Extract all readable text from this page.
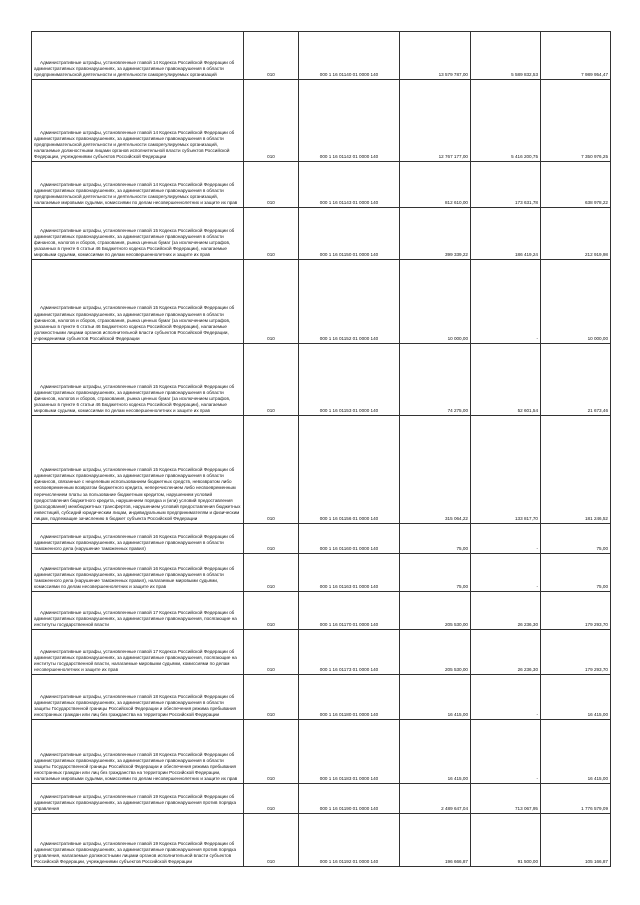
Административные штрафы, установленные главой 14 Кодекса Российской Федерации об административных правонарушениях, за административные правонарушения в области предпринимательской деятельности и деятельности саморегулируемых организаций	010	000 1 16 01140 01 0000 140	13 579 787,00	5 589 832,53	7 989 954,47
Административные штрафы, установленные главой 14 Кодекса Российской Федерации об административных правонарушениях, за административные правонарушения в области предпринимательской деятельности и деятельности саморегулируемых организаций, налагаемые должностными лицами органов исполнительной власти субъектов Российской Федерации, учреждениями субъектов Российской Федерации	010	000 1 16 01142 01 0000 140	12 767 177,00	5 416 200,75	7 350 976,25
Административные штрафы, установленные главой 14 Кодекса Российской Федерации об административных правонарушениях, за административные правонарушения в области предпринимательской деятельности и деятельности саморегулируемых организаций, налагаемые мировыми судьями, комиссиями по делам несовершеннолетних и защите их прав	010	000 1 16 01143 01 0000 140	812 610,00	173 631,78	638 978,22
Административные штрафы, установленные главой 15 Кодекса Российской Федерации об административных правонарушениях, за административные правонарушения в области финансов, налогов и сборов, страхования, рынка ценных бумаг (за исключением штрафов, указанных в пункте 6 статьи 46 Бюджетного кодекса Российской Федерации), налагаемые мировыми судьями, комиссиями по делам несовершеннолетних и защите их прав	010	000 1 16 01150 01 0000 140	399 339,22	186 419,24	212 919,98
Административные штрафы, установленные главой 15 Кодекса Российской Федерации об административных правонарушениях, за административные правонарушения в области финансов, налогов и сборов, страхования, рынка ценных бумаг (за исключением штрафов, указанных в пункте 6 статьи 46 Бюджетного кодекса Российской Федерации), налагаемые должностными лицами органов исполнительной власти субъектов Российской Федерации, учреждениями субъектов Российской Федерации	010	000 1 16 01152 01 0000 140	10 000,00	-	10 000,00
Административные штрафы, установленные главой 15 Кодекса Российской Федерации об административных правонарушениях, за административные правонарушения в области финансов, налогов и сборов, страхования, рынка ценных бумаг (за исключением штрафов, указанных в пункте 6 статьи 46 Бюджетного кодекса Российской Федерации), налагаемые мировыми судьями, комиссиями по делам несовершеннолетних и защите их прав	010	000 1 16 01153 01 0000 140	74 275,00	52 601,54	21 673,46
Административные штрафы, установленные главой 15 Кодекса Российской Федерации об административных правонарушениях, за административные правонарушения в области финансов, связанные с нецелевым использованием бюджетных средств, невозвратом либо несвоевременным возвратом бюджетного кредита, неперечислением либо несвоевременным перечислением платы за пользование бюджетным кредитом, нарушением условий предоставления бюджетного кредита, нарушением порядка и (или) условий предоставления (расходования) межбюджетных трансфертов, нарушением условий предоставления бюджетных инвестиций, субсидий юридическим лицам, индивидуальным предпринимателям и физическим лицам, подлежащие зачислению в бюджет субъекта Российской Федерации	010	000 1 16 01156 01 0000 140	315 064,22	133 817,70	181 246,52
Административные штрафы, установленные главой 16 Кодекса Российской Федерации об административных правонарушениях, за административные правонарушения в области таможенного дела (нарушение таможенных правил)	010	000 1 16 01160 01 0000 140	75,00	-	75,00
Административные штрафы, установленные главой 16 Кодекса Российской Федерации об административных правонарушениях, за административные правонарушения в области таможенного дела (нарушение таможенных правил), налагаемые мировыми судьями, комиссиями по делам несовершеннолетних и защите их прав	010	000 1 16 01163 01 0000 140	75,00	-	75,00
Административные штрафы, установленные главой 17 Кодекса Российской Федерации об административных правонарушениях, за административные правонарушения, посягающие на институты государственной власти	010	000 1 16 01170 01 0000 140	205 530,00	26 236,30	179 293,70
Административные штрафы, установленные главой 17 Кодекса Российской Федерации об административных правонарушениях, за административные правонарушения, посягающие на институты государственной власти, налагаемые мировыми судьями, комиссиями по делам несовершеннолетних и защите их прав	010	000 1 16 01173 01 0000 140	205 530,00	26 236,30	179 293,70
Административные штрафы, установленные главой 18 Кодекса Российской Федерации об административных правонарушениях, за административные правонарушения в области защиты Государственной границы Российской Федерации и обеспечения режима пребывания иностранных граждан или лиц без гражданства на территории Российской Федерации	010	000 1 16 01180 01 0000 140	16 415,00	-	16 415,00
Административные штрафы, установленные главой 18 Кодекса Российской Федерации об административных правонарушениях, за административные правонарушения в области защиты Государственной границы Российской Федерации и обеспечения режима пребывания иностранных граждан или лиц без гражданства на территории Российской Федерации, налагаемые мировыми судьями, комиссиями по делам несовершеннолетних и защите их прав	010	000 1 16 01183 01 0000 140	16 415,00	-	16 415,00
Административные штрафы, установленные главой 19 Кодекса Российской Федерации об административных правонарушениях, за административные правонарушения против порядка управления	010	000 1 16 01190 01 0000 140	2 489 647,04	713 067,95	1 776 579,09
Административные штрафы, установленные главой 19 Кодекса Российской Федерации об административных правонарушениях, за административные правонарушения против порядка управления, налагаемые должностными лицами органов исполнительной власти субъектов Российской Федерации, учреждениями субъектов Российской Федерации	010	000 1 16 01192 01 0000 140	196 666,87	91 500,00	105 166,87
